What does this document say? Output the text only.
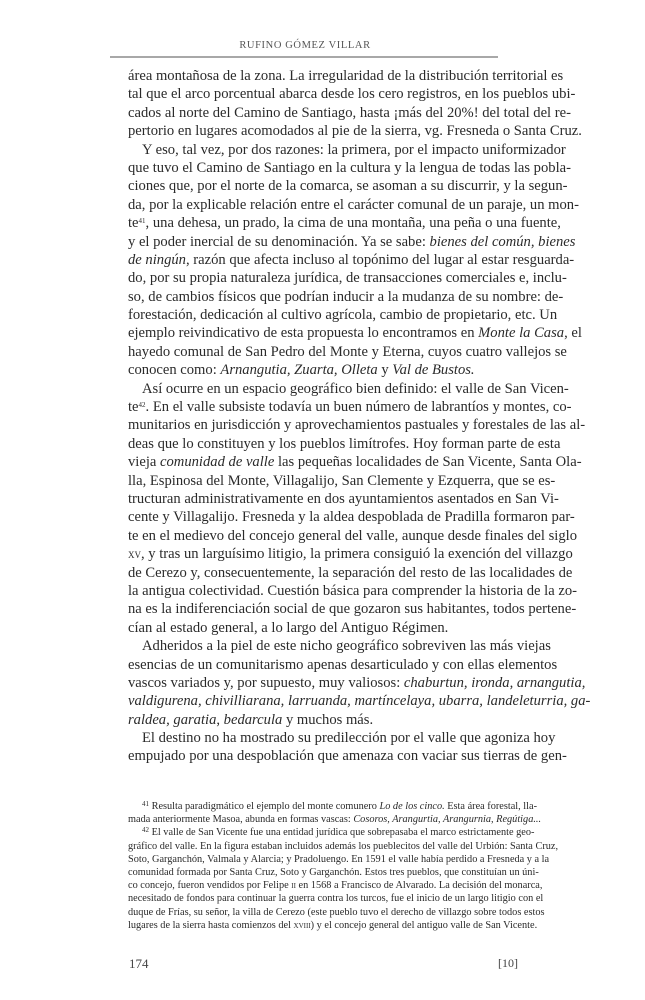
RUFINO GÓMEZ VILLAR
área montañosa de la zona. La irregularidad de la distribución territorial es
tal que el arco porcentual abarca desde los cero registros, en los pueblos ubi-
cados al norte del Camino de Santiago, hasta ¡más del 20%! del total del re-
pertorio en lugares acomodados al pie de la sierra, vg. Fresneda o Santa Cruz.
Y eso, tal vez, por dos razones: la primera, por el impacto uniformizador
que tuvo el Camino de Santiago en la cultura y la lengua de todas las pobla-
ciones que, por el norte de la comarca, se asoman a su discurrir, y la segun-
da, por la explicable relación entre el carácter comunal de un paraje, un mon-
$te^{41}$, una dehesa, un prado, la cima de una montaña, una peña o una fuente,
y el poder inercial de su denominación. Ya se sabe: bienes del común, bienes
de ningún, razón que afecta incluso al topónimo del lugar al estar resguarda-
do, por su propia naturaleza jurídica, de transacciones comerciales e, inclu-
so, de cambios físicos que podrían inducir a la mudanza de su nombre: de-
forestación, dedicación al cultivo agrícola, cambio de propietario, etc. Un
ejemplo reivindicativo de esta propuesta lo encontramos en Monte la Casa, el
hayedo comunal de San Pedro del Monte y Eterna, cuyos cuatro vallejos se
conocen como: Arnangutia, Zuarta, Olleta y Val de Bustos.
Así ocurre en un espacio geográfico bien definido: el valle de San Vicen-
$te^{42}$. En el valle subsiste todavía un buen número de labrantíos y montes, co-
munitarios en jurisdicción y aprovechamientos pastuales y forestales de las al-
deas que lo constituyen y los pueblos limítrofes. Hoy forman parte de esta
vieja comunidad de valle las pequeñas localidades de San Vicente, Santa Ola-
lla, Espinosa del Monte, Villagalijo, San Clemente y Ezquerra, que se es-
tructuran administrativamente en dos ayuntamientos asentados en San Vi-
cente y Villagalijo. Fresneda y la aldea despoblada de Pradilla formaron par-
te en el medievo del concejo general del valle, aunque desde finales del siglo
xv, y tras un larguísimo litigio, la primera consiguió la exención del villazgo
de Cerezo y, consecuentemente, la separación del resto de las localidades de
la antigua colectividad. Cuestión básica para comprender la historia de la zo-
na es la indiferenciación social de que gozaron sus habitantes, todos pertene-
cían al estado general, a lo largo del Antiguo Régimen.
Adheridos a la piel de este nicho geográfico sobreviven las más viejas
esencias de un comunitarismo apenas desarticulado y con ellas elementos
vascos variados y, por supuesto, muy valiosos: chaburtun, ironda, arnangutia,
valdigurena, chivilliarana, larruanda, martíncelaya, ubarra, landeleturria, ga-
raldea, garatia, bedarcula y muchos más.
El destino no ha mostrado su predilección por el valle que agoniza hoy
empujado por una despoblación que amenaza con vaciar sus tierras de gen-
$^{41}$ Resulta paradigmático el ejemplo del monte comunero Lo de los cinco. Esta área forestal, lla-
mada anteriormente Masoa, abunda en formas vascas: Cosoros, Arangurtia, Arangurnia, Regútiga...
$^{42}$ El valle de San Vicente fue una entidad jurídica que sobrepasaba el marco estrictamente geo-
gráfico del valle. En la figura estaban incluidos además los pueblecitos del valle del Urbión: Santa Cruz,
Soto, Garganchón, Valmala y Alarcia; y Pradoluengo. En 1591 el valle había perdido a Fresneda y a la
comunidad formada por Santa Cruz, Soto y Garganchón. Estos tres pueblos, que constituían un úni-
co concejo, fueron vendidos por Felipe ii en 1568 a Francisco de Alvarado. La decisión del monarca,
necesitado de fondos para continuar la guerra contra los turcos, fue el inicio de un largo litigio con el
duque de Frías, su señor, la villa de Cerezo (este pueblo tuvo el derecho de villazgo sobre todos estos
lugares de la sierra hasta comienzos del xviii) y el concejo general del antiguo valle de San Vicente.
174	[10]
